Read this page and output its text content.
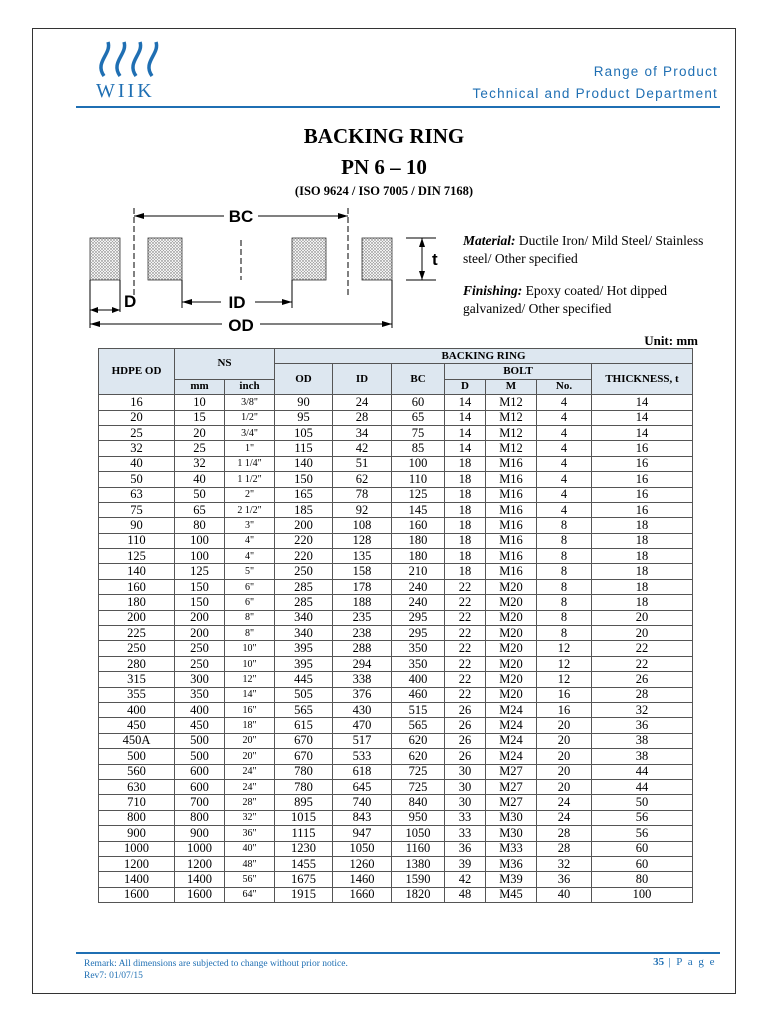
WIIK
Range of Product
Technical and Product Department
BACKING RING
PN 6 – 10
(ISO 9624 / ISO 7005 / DIN 7168)
BC
t
D	ID
OD
Material: Ductile Iron/ Mild Steel/ Stainless steel/ Other specified
Finishing: Epoxy coated/ Hot dipped galvanized/ Other specified
Unit: mm
HDPE OD	NS		BACKING RING						
			OD	ID	BC	BOLT			THICKNESS, t
	mm	inch				D	M	No.	
16	10	3/8"	90	24	60	14	M12	4	14
20	15	1/2"	95	28	65	14	M12	4	14
25	20	3/4"	105	34	75	14	M12	4	14
32	25	1"	115	42	85	14	M12	4	16
40	32	1 1/4"	140	51	100	18	M16	4	16
50	40	1 1/2"	150	62	110	18	M16	4	16
63	50	2"	165	78	125	18	M16	4	16
75	65	2 1/2"	185	92	145	18	M16	4	16
90	80	3"	200	108	160	18	M16	8	18
110	100	4"	220	128	180	18	M16	8	18
125	100	4"	220	135	180	18	M16	8	18
140	125	5"	250	158	210	18	M16	8	18
160	150	6"	285	178	240	22	M20	8	18
180	150	6"	285	188	240	22	M20	8	18
200	200	8"	340	235	295	22	M20	8	20
225	200	8"	340	238	295	22	M20	8	20
250	250	10"	395	288	350	22	M20	12	22
280	250	10"	395	294	350	22	M20	12	22
315	300	12"	445	338	400	22	M20	12	26
355	350	14"	505	376	460	22	M20	16	28
400	400	16"	565	430	515	26	M24	16	32
450	450	18"	615	470	565	26	M24	20	36
450A	500	20"	670	517	620	26	M24	20	38
500	500	20"	670	533	620	26	M24	20	38
560	600	24"	780	618	725	30	M27	20	44
630	600	24"	780	645	725	30	M27	20	44
710	700	28"	895	740	840	30	M27	24	50
800	800	32"	1015	843	950	33	M30	24	56
900	900	36"	1115	947	1050	33	M30	28	56
1000	1000	40"	1230	1050	1160	36	M33	28	60
1200	1200	48"	1455	1260	1380	39	M36	32	60
1400	1400	56"	1675	1460	1590	42	M39	36	80
1600	1600	64"	1915	1660	1820	48	M45	40	100
Remark: All dimensions are subjected to change without prior notice.
Rev7: 01/07/15
35 | P a g e
